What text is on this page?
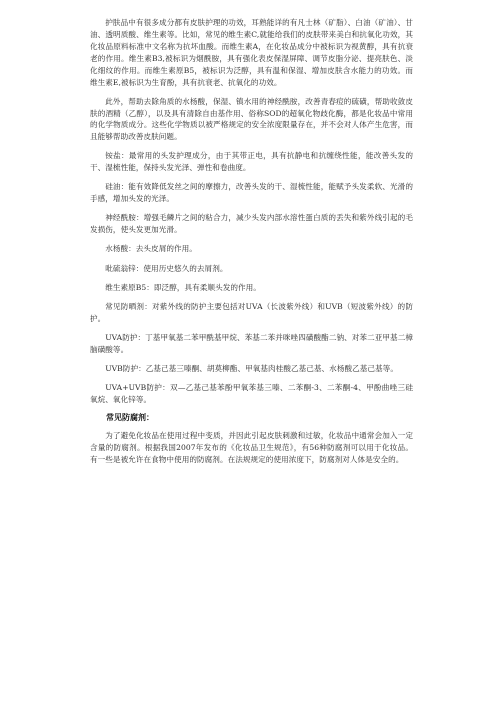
护肤品中有很多成分都有皮肤护理的功效，耳熟能详的有凡士林（矿脂）、白油（矿油）、甘油、透明质酸、维生素等。比如，常见的维生素C,就能给我们的皮肤带来美白和抗氧化功效，其化妆品原料标准中文名称为抗坏血酸。而维生素A，在化妆品成分中被标识为视黄醇，具有抗衰老的作用。维生素B3,被标识为烟酰胺，具有强化表皮保湿屏障、调节皮脂分泌、提亮肤色、淡化细纹的作用。而维生素原B5，被标识为泛醇，具有温和保湿、增加皮肤含水能力的功效。而维生素E,被标识为生育酚，具有抗衰老、抗氧化的功效。

此外，帮助去除角质的水杨酸，保湿、镇水用的神经酰胺，改善青春痘的硫磺，帮助收敛皮肤的酒精（乙醇），以及具有清除自由基作用、俗称SOD的超氧化物歧化酶，都是化妆品中常用的化学物质成分。这些化学物质以被严格规定的安全浓度限量存在，并不会对人体产生危害，而且能够帮助改善皮肤问题。

铵盐：最常用的头发护理成分，由于其带正电，具有抗静电和抗缠绕性能，能改善头发的干、湿梳性能，保持头发光泽、弹性和卷曲度。

硅油：能有效降低发丝之间的摩擦力，改善头发的干、湿梳性能，能赋予头发柔软、光滑的手感，增加头发的光泽。

神经酰胺：增强毛鳞片之间的粘合力，减少头发内部水溶性蛋白质的丢失和紫外线引起的毛发损伤，使头发更加光滑。

水杨酸：去头皮屑的作用。

吡硫翁锌：使用历史悠久的去屑剂。

维生素原B5：即泛醇，具有柔顺头发的作用。

常见防晒剂：对紫外线的防护主要包括对UVA（长波紫外线）和UVB（短波紫外线）的防护。

UVA防护：丁基甲氧基二苯甲酰基甲烷、苯基二苯并咪唑四磺酸酯二钠、对苯二亚甲基二樟脑磺酸等。

UVB防护：乙基己基三嗪酮、胡莫柳酯、甲氧基肉桂酸乙基己基、水杨酸乙基己基等。

UVA+UVB防护：双—乙基己基苯酚甲氧苯基三嗪、二苯酮-3、二苯酮-4、甲酚曲唑三硅氧烷、氧化锌等。

常见防腐剂：

为了避免化妆品在使用过程中变质，并因此引起皮肤刺激和过敏，化妆品中通常会加入一定含量的防腐剂。根据我国2007年发布的《化妆品卫生规范》，有56种防腐剂可以用于化妆品。有一些是被允许在食物中使用的防腐剂。在法规规定的使用浓度下，防腐剂对人体是安全的。
